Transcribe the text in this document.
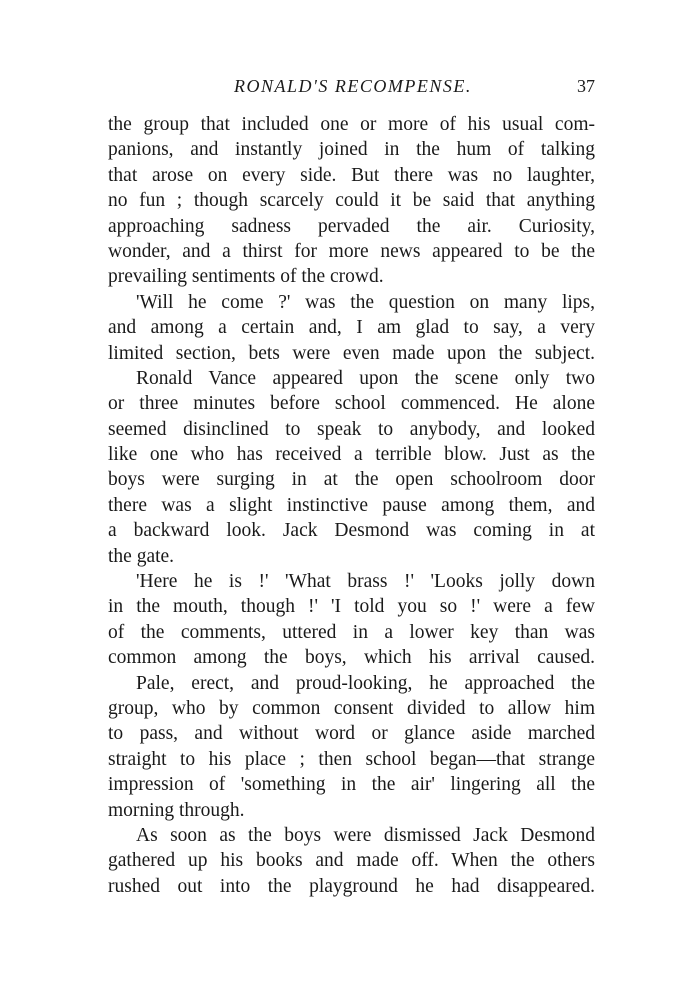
RONALD'S RECOMPENSE.	37
the group that included one or more of his usual com-
panions, and instantly joined in the hum of talking
that arose on every side. But there was no laughter,
no fun ; though scarcely could it be said that anything
approaching sadness pervaded the air. Curiosity,
wonder, and a thirst for more news appeared to be the
prevailing sentiments of the crowd.
'Will he come ?' was the question on many lips,
and among a certain and, I am glad to say, a very
limited section, bets were even made upon the subject.
Ronald Vance appeared upon the scene only two
or three minutes before school commenced. He alone
seemed disinclined to speak to anybody, and looked
like one who has received a terrible blow. Just as the
boys were surging in at the open schoolroom door
there was a slight instinctive pause among them, and
a backward look. Jack Desmond was coming in at
the gate.
'Here he is !' 'What brass !' 'Looks jolly down
in the mouth, though !' 'I told you so !' were a few
of the comments, uttered in a lower key than was
common among the boys, which his arrival caused.
Pale, erect, and proud-looking, he approached the
group, who by common consent divided to allow him
to pass, and without word or glance aside marched
straight to his place ; then school began—that strange
impression of 'something in the air' lingering all the
morning through.
As soon as the boys were dismissed Jack Desmond
gathered up his books and made off. When the others
rushed out into the playground he had disappeared.
